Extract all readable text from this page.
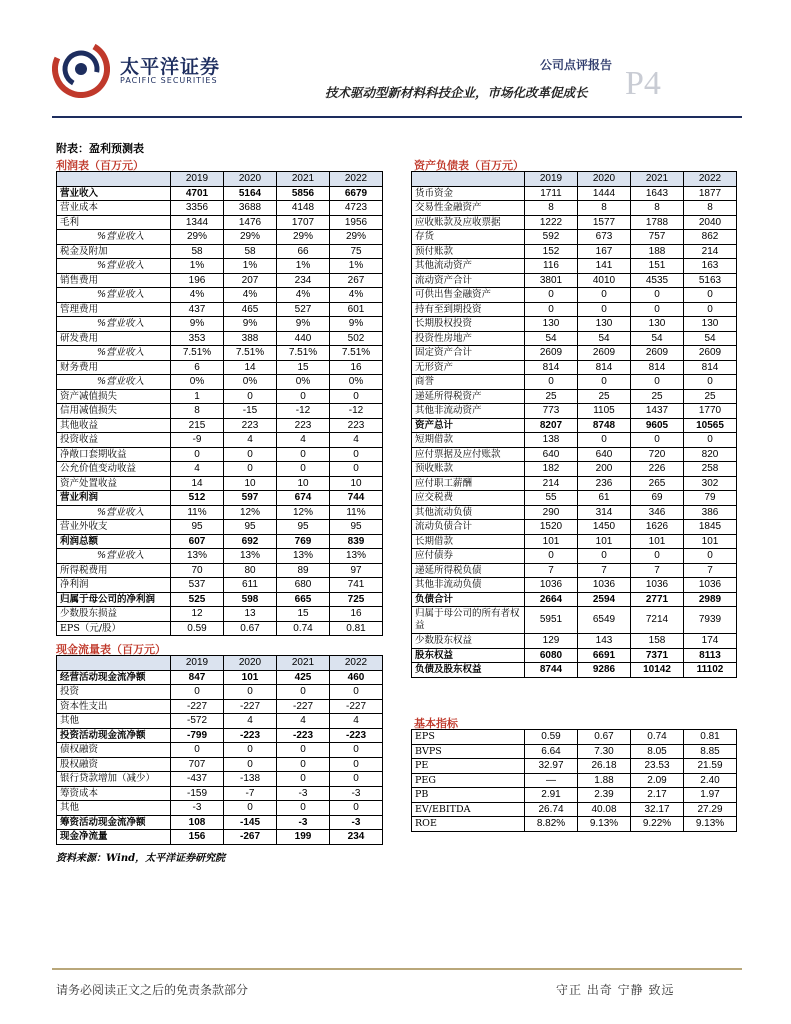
太平洋证券
PACIFIC SECURITIES
公司点评报告 P4
技术驱动型新材料科技企业，市场化改革促成长
附表：盈利预测表
利润表（百万元）	资产负债表（百万元）
现金流量表（百万元）
基本指标
	2019	2020	2021	2022
营业收入	4701	5164	5856	6679
营业成本	3356	3688	4148	4723
毛利	1344	1476	1707	1956
%营业收入	29%	29%	29%	29%
税金及附加	58	58	66	75
%营业收入	1%	1%	1%	1%
销售费用	196	207	234	267
%营业收入	4%	4%	4%	4%
管理费用	437	465	527	601
%营业收入	9%	9%	9%	9%
研发费用	353	388	440	502
%营业收入	7.51%	7.51%	7.51%	7.51%
财务费用	6	14	15	16
%营业收入	0%	0%	0%	0%
资产减值损失	1	0	0	0
信用减值损失	8	-15	-12	-12
其他收益	215	223	223	223
投资收益	-9	4	4	4
净敞口套期收益	0	0	0	0
公允价值变动收益	4	0	0	0
资产处置收益	14	10	10	10
营业利润	512	597	674	744
%营业收入	11%	12%	12%	11%
营业外收支	95	95	95	95
利润总额	607	692	769	839
%营业收入	13%	13%	13%	13%
所得税费用	70	80	89	97
净利润	537	611	680	741
归属于母公司的净利润	525	598	665	725
少数股东损益	12	13	15	16
EPS（元/股）	0.59	0.67	0.74	0.81
	2019	2020	2021	2022
经营活动现金流净额	847	101	425	460
投资	0	0	0	0
资本性支出	-227	-227	-227	-227
其他	-572	4	4	4
投资活动现金流净额	-799	-223	-223	-223
债权融资	0	0	0	0
股权融资	707	0	0	0
银行贷款增加（减少）	-437	-138	0	0
筹资成本	-159	-7	-3	-3
其他	-3	0	0	0
筹资活动现金流净额	108	-145	-3	-3
现金净流量	156	-267	199	234
	2019	2020	2021	2022
货币资金	1711	1444	1643	1877
交易性金融资产	8	8	8	8
应收账款及应收票据	1222	1577	1788	2040
存货	592	673	757	862
预付账款	152	167	188	214
其他流动资产	116	141	151	163
流动资产合计	3801	4010	4535	5163
可供出售金融资产	0	0	0	0
持有至到期投资	0	0	0	0
长期股权投资	130	130	130	130
投资性房地产	54	54	54	54
固定资产合计	2609	2609	2609	2609
无形资产	814	814	814	814
商誉	0	0	0	0
递延所得税资产	25	25	25	25
其他非流动资产	773	1105	1437	1770
资产总计	8207	8748	9605	10565
短期借款	138	0	0	0
应付票据及应付账款	640	640	720	820
预收账款	182	200	226	258
应付职工薪酬	214	236	265	302
应交税费	55	61	69	79
其他流动负债	290	314	346	386
流动负债合计	1520	1450	1626	1845
长期借款	101	101	101	101
应付债券	0	0	0	0
递延所得税负债	7	7	7	7
其他非流动负债	1036	1036	1036	1036
负债合计	2664	2594	2771	2989
归属于母公司的所有者权益	5951	6549	7214	7939
少数股东权益	129	143	158	174
股东权益	6080	6691	7371	8113
负债及股东权益	8744	9286	10142	11102
EPS	0.59	0.67	0.74	0.81
BVPS	6.64	7.30	8.05	8.85
PE	32.97	26.18	23.53	21.59
PEG	—	1.88	2.09	2.40
PB	2.91	2.39	2.17	1.97
EV/EBITDA	26.74	40.08	32.17	27.29
ROE	8.82%	9.13%	9.22%	9.13%
资料来源：Wind，太平洋证券研究院
请务必阅读正文之后的免责条款部分	守正 出奇 宁静 致远
